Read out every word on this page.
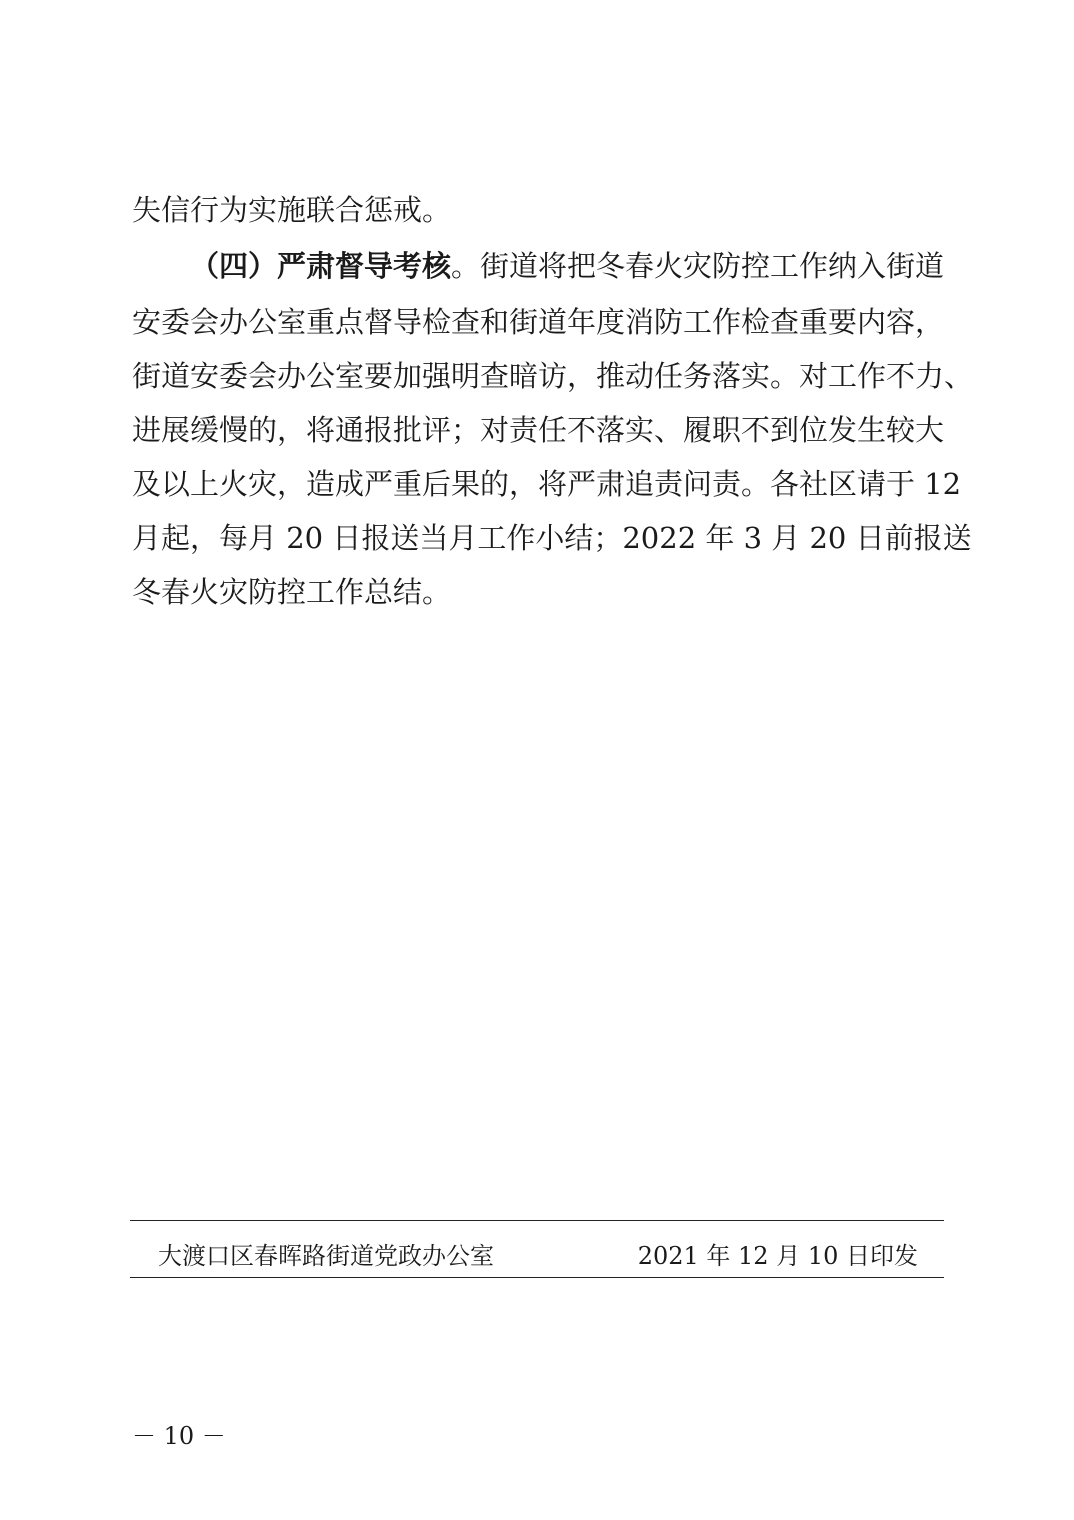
失信行为实施联合惩戒。
（四）严肃督导考核。街道将把冬春火灾防控工作纳入街道
安委会办公室重点督导检查和街道年度消防工作检查重要内容，
街道安委会办公室要加强明查暗访，推动任务落实。对工作不力、
进展缓慢的，将通报批评；对责任不落实、履职不到位发生较大
及以上火灾，造成严重后果的，将严肃追责问责。各社区请于 12
月起，每月 20 日报送当月工作小结；2022 年 3 月 20 日前报送
冬春火灾防控工作总结。
大渡口区春晖路街道党政办公室	2021 年 12 月 10 日印发
－ 10 －
